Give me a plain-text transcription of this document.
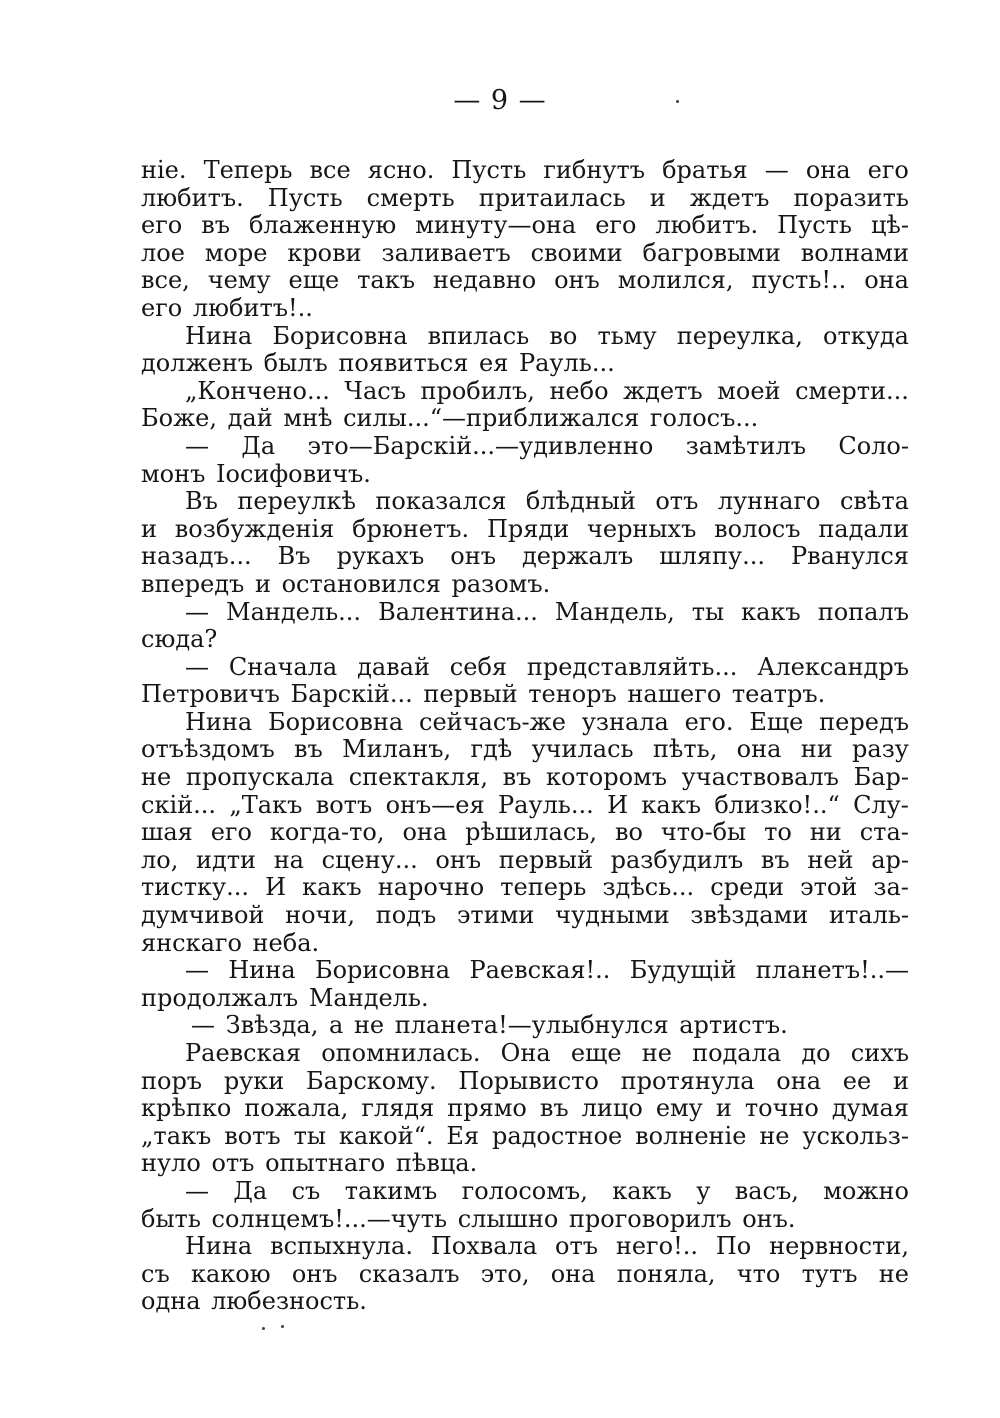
— 9 —
ніе. Теперь все ясно. Пусть гибнутъ братья — она его
любитъ. Пусть смерть притаилась и ждетъ поразить
его въ блаженную минуту—она его любитъ. Пусть цѣ-
лое море крови заливаетъ своими багровыми волнами
все, чему еще такъ недавно онъ молился, пусть!.. она
его любитъ!..
Нина Борисовна впилась во тьму переулка, откуда
долженъ былъ появиться ея Рауль...
„Кончено... Часъ пробилъ, небо ждетъ моей смерти...
Боже, дай мнѣ силы...“—приближался голосъ...
— Да это—Барскій...—удивленно замѣтилъ Соло-
монъ Іосифовичъ.
Въ переулкѣ показался блѣдный отъ луннаго свѣта
и возбужденія брюнетъ. Пряди черныхъ волосъ падали
назадъ... Въ рукахъ онъ держалъ шляпу... Рванулся
впередъ и остановился разомъ.
— Мандель... Валентина... Мандель, ты какъ попалъ
сюда?
— Сначала давай себя представляйть... Александръ
Петровичъ Барскій... первый теноръ нашего театръ.
Нина Борисовна сейчасъ-же узнала его. Еще передъ
отъѣздомъ въ Миланъ, гдѣ училась пѣть, она ни разу
не пропускала спектакля, въ которомъ участвовалъ Бар-
скій... „Такъ вотъ онъ—ея Рауль... И какъ близко!..“ Слу-
шая его когда-то, она рѣшилась, во что-бы то ни ста-
ло, идти на сцену... онъ первый разбудилъ въ ней ар-
тистку... И какъ нарочно теперь здѣсь... среди этой за-
думчивой ночи, подъ этими чудными звѣздами италь-
янскаго неба.
— Нина Борисовна Раевская!.. Будущій планетъ!..—
продолжалъ Мандель.
— Звѣзда, а не планета!—улыбнулся артистъ.
Раевская опомнилась. Она еще не подала до сихъ
поръ руки Барскому. Порывисто протянула она ее и
крѣпко пожала, глядя прямо въ лицо ему и точно думая
„такъ вотъ ты какой“. Ея радостное волненіе не ускольз-
нуло отъ опытнаго пѣвца.
— Да съ такимъ голосомъ, какъ у васъ, можно
быть солнцемъ!...—чуть слышно проговорилъ онъ.
Нина вспыхнула. Похвала отъ него!.. По нервности,
съ какою онъ сказалъ это, она поняла, что тутъ не
одна любезность.
